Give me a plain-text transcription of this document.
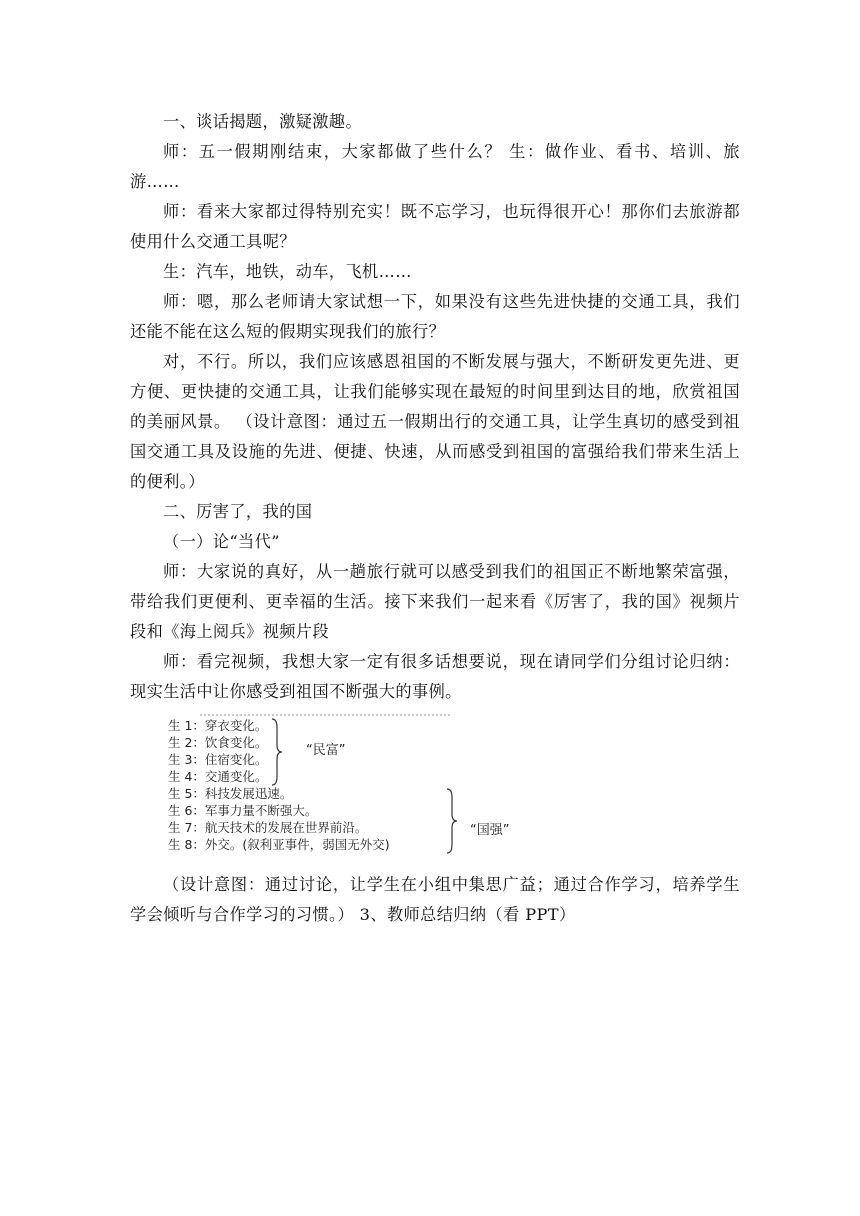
一、谈话揭题，激疑激趣。

师：五一假期刚结束，大家都做了些什么？ 生：做作业、看书、培训、旅游……

师：看来大家都过得特别充实！既不忘学习，也玩得很开心！那你们去旅游都使用什么交通工具呢？

生：汽车，地铁，动车，飞机……

师：嗯，那么老师请大家试想一下，如果没有这些先进快捷的交通工具，我们还能不能在这么短的假期实现我们的旅行？

对，不行。所以，我们应该感恩祖国的不断发展与强大，不断研发更先进、更方便、更快捷的交通工具，让我们能够实现在最短的时间里到达目的地，欣赏祖国的美丽风景。 （设计意图：通过五一假期出行的交通工具，让学生真切的感受到祖国交通工具及设施的先进、便捷、快速，从而感受到祖国的富强给我们带来生活上的便利。）

二、厉害了，我的国

（一）论“当代”

师：大家说的真好，从一趟旅行就可以感受到我们的祖国正不断地繁荣富强，带给我们更便利、更幸福的生活。接下来我们一起来看《厉害了，我的国》视频片段和《海上阅兵》视频片段

师：看完视频，我想大家一定有很多话想要说，现在请同学们分组讨论归纳：现实生活中让你感受到祖国不断强大的事例。

生 1：穿衣变化。
生 2：饮食变化。
生 3：住宿变化。
生 4：交通变化。
生 5：科技发展迅速。
生 6：军事力量不断强大。
生 7：航天技术的发展在世界前沿。
生 8：外交。(叙利亚事件，弱国无外交)
“民富”
“国强”

（设计意图：通过讨论，让学生在小组中集思广益；通过合作学习，培养学生学会倾听与合作学习的习惯。） 3、教师总结归纳（看 PPT）
